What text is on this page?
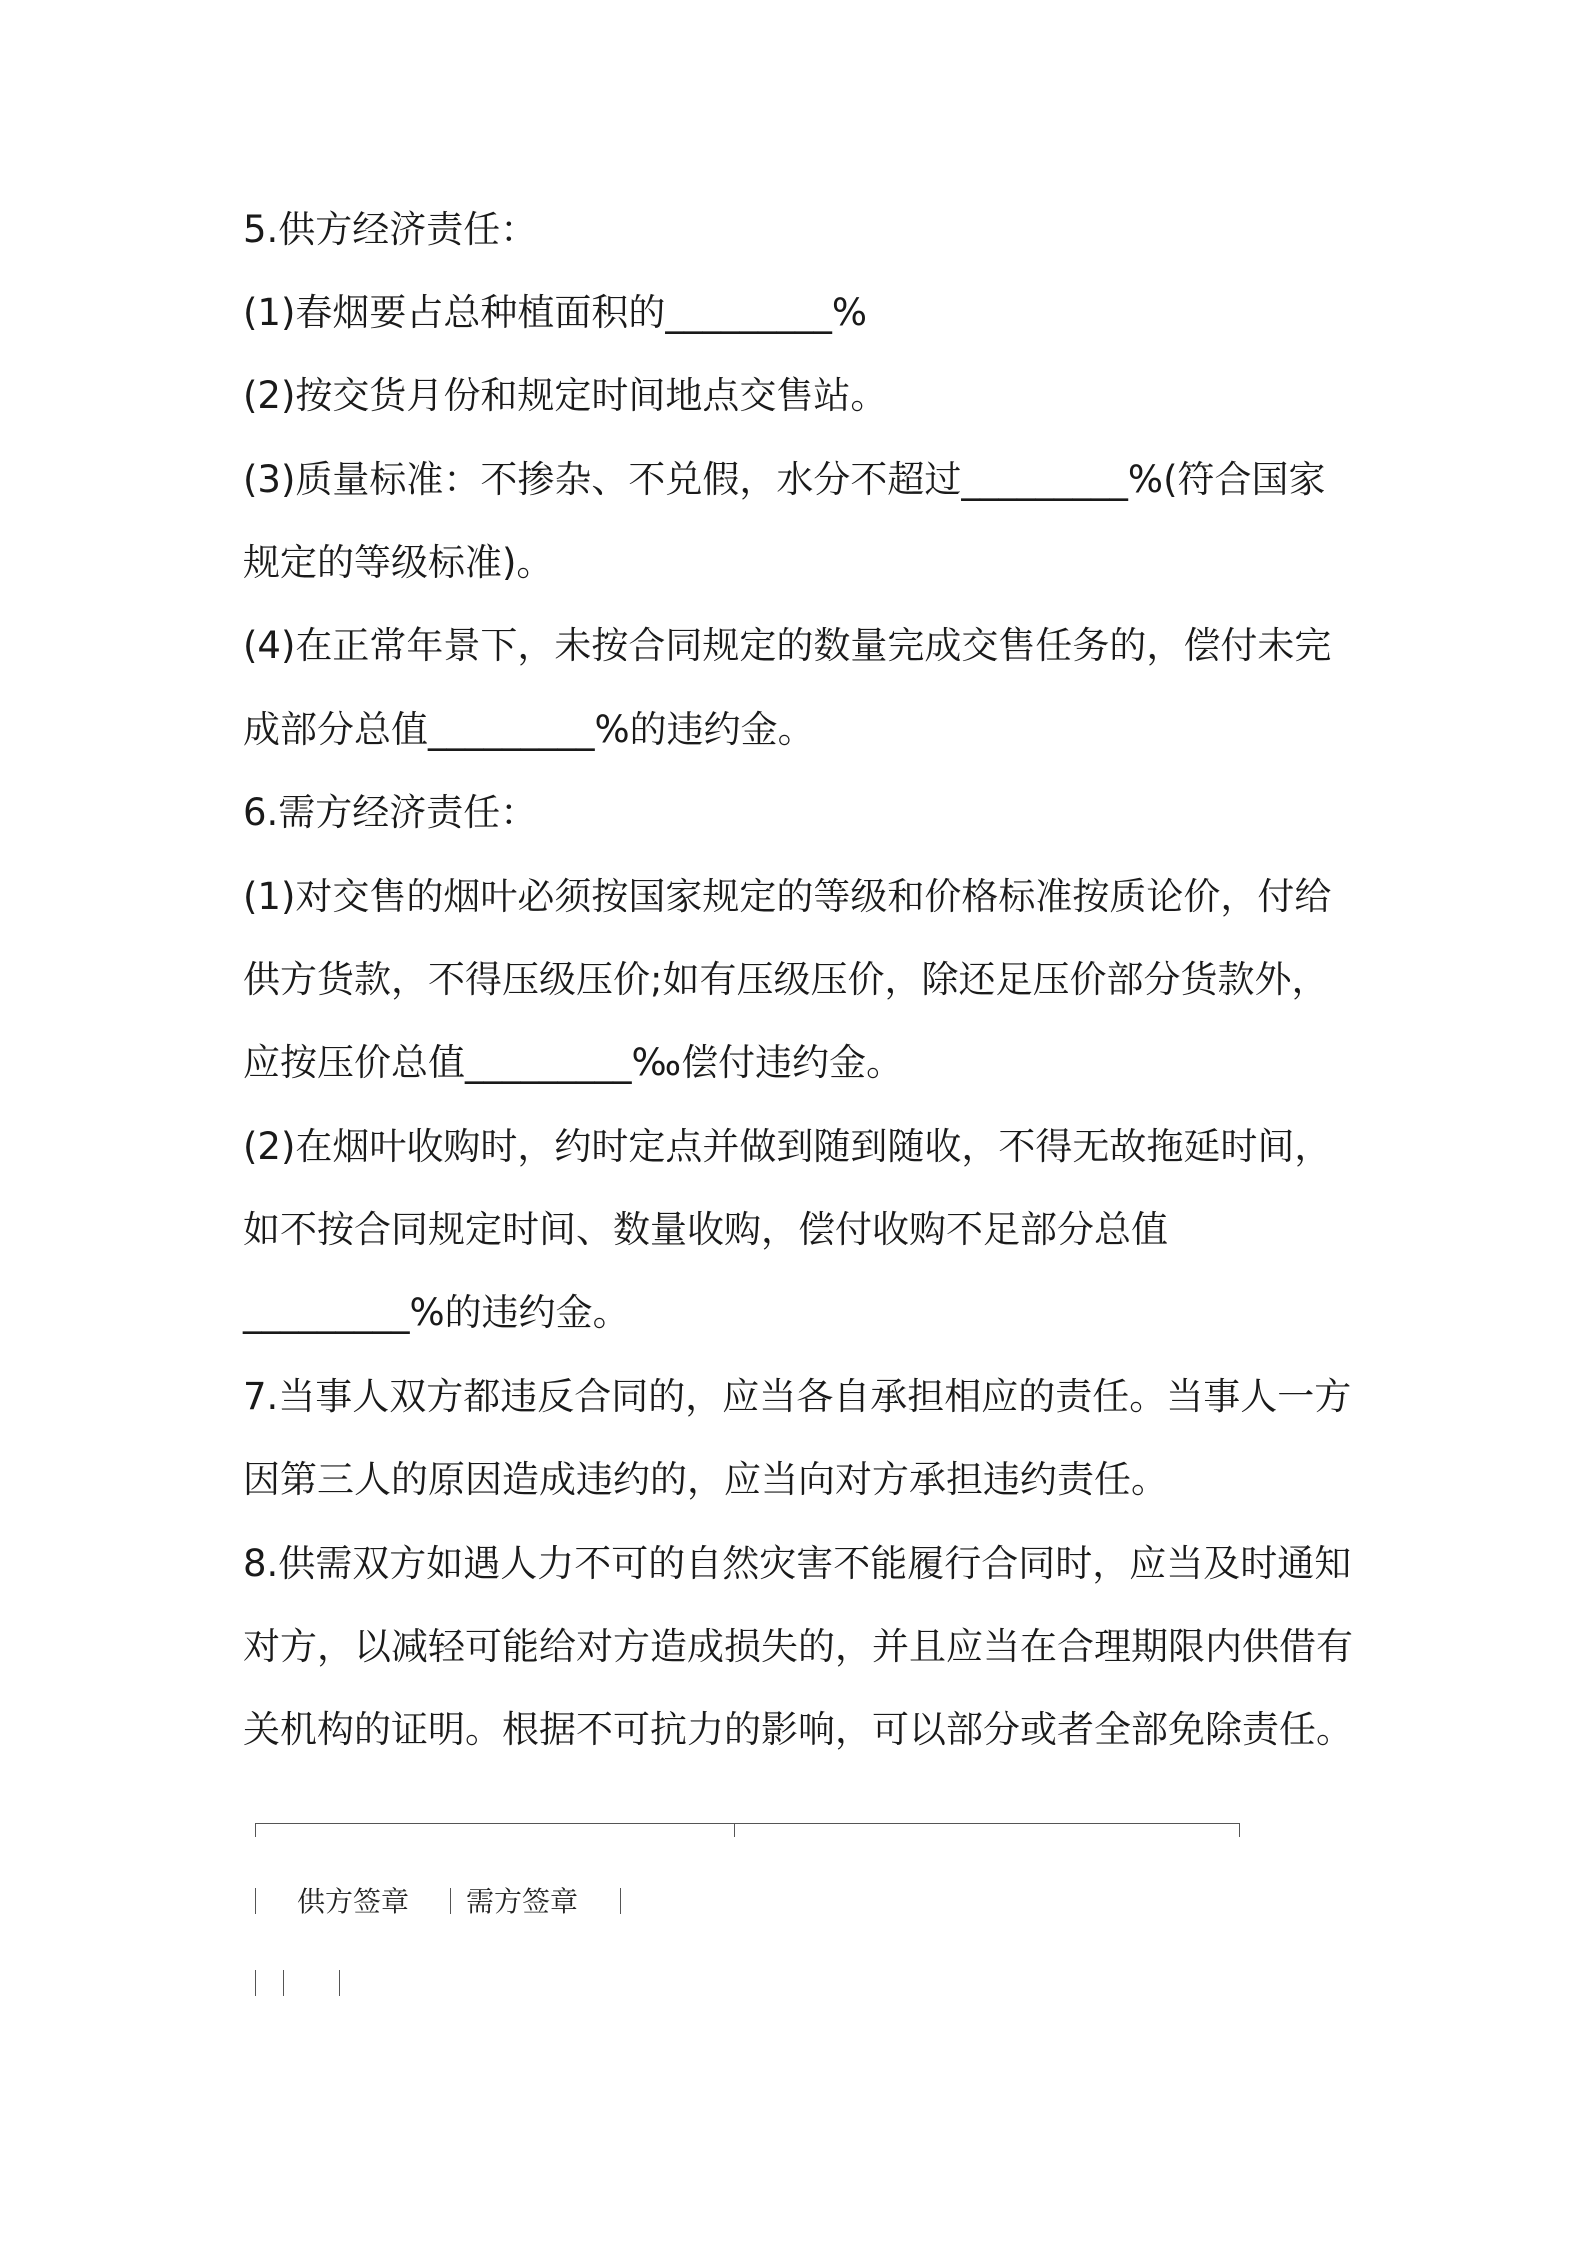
5.供方经济责任：
(1)春烟要占总种植面积的_________%
(2)按交货月份和规定时间地点交售站。
(3)质量标准：不掺杂、不兑假，水分不超过_________%(符合国家
规定的等级标准)。
(4)在正常年景下，未按合同规定的数量完成交售任务的，偿付未完
成部分总值_________%的违约金。
6.需方经济责任：
(1)对交售的烟叶必须按国家规定的等级和价格标准按质论价，付给
供方货款，不得压级压价;如有压级压价，除还足压价部分货款外，
应按压价总值_________‰偿付违约金。
(2)在烟叶收购时，约时定点并做到随到随收，不得无故拖延时间，
如不按合同规定时间、数量收购，偿付收购不足部分总值
_________%的违约金。
7.当事人双方都违反合同的，应当各自承担相应的责任。当事人一方
因第三人的原因造成违约的，应当向对方承担违约责任。
8.供需双方如遇人力不可的自然灾害不能履行合同时，应当及时通知
对方，以减轻可能给对方造成损失的，并且应当在合理期限内供借有
关机构的证明。根据不可抗力的影响，可以部分或者全部免除责任。
供方签章 需方签章
